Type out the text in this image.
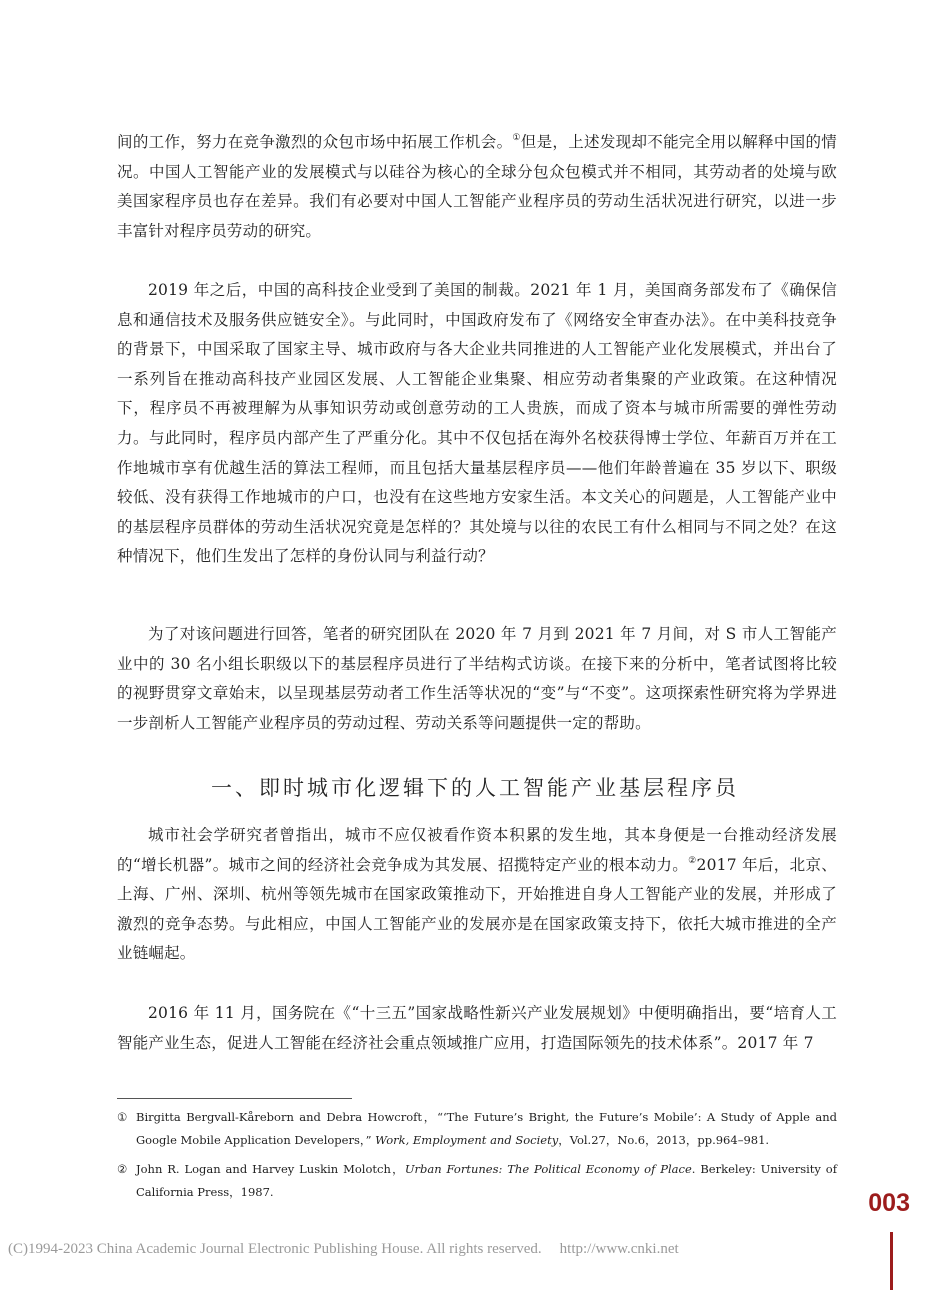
间的工作，努力在竞争激烈的众包市场中拓展工作机会。①但是，上述发现却不能完全用以解释中国的情况。中国人工智能产业的发展模式与以硅谷为核心的全球分包众包模式并不相同，其劳动者的处境与欧美国家程序员也存在差异。我们有必要对中国人工智能产业程序员的劳动生活状况进行研究，以进一步丰富针对程序员劳动的研究。

2019 年之后，中国的高科技企业受到了美国的制裁。2021 年 1 月，美国商务部发布了《确保信息和通信技术及服务供应链安全》。与此同时，中国政府发布了《网络安全审查办法》。在中美科技竞争的背景下，中国采取了国家主导、城市政府与各大企业共同推进的人工智能产业化发展模式，并出台了一系列旨在推动高科技产业园区发展、人工智能企业集聚、相应劳动者集聚的产业政策。在这种情况下，程序员不再被理解为从事知识劳动或创意劳动的工人贵族，而成了资本与城市所需要的弹性劳动力。与此同时，程序员内部产生了严重分化。其中不仅包括在海外名校获得博士学位、年薪百万并在工作地城市享有优越生活的算法工程师，而且包括大量基层程序员——他们年龄普遍在 35 岁以下、职级较低、没有获得工作地城市的户口，也没有在这些地方安家生活。本文关心的问题是，人工智能产业中的基层程序员群体的劳动生活状况究竟是怎样的？其处境与以往的农民工有什么相同与不同之处？在这种情况下，他们生发出了怎样的身份认同与利益行动？

为了对该问题进行回答，笔者的研究团队在 2020 年 7 月到 2021 年 7 月间，对 S 市人工智能产业中的 30 名小组长职级以下的基层程序员进行了半结构式访谈。在接下来的分析中，笔者试图将比较的视野贯穿文章始末，以呈现基层劳动者工作生活等状况的“变”与“不变”。这项探索性研究将为学界进一步剖析人工智能产业程序员的劳动过程、劳动关系等问题提供一定的帮助。

一、即时城市化逻辑下的人工智能产业基层程序员

城市社会学研究者曾指出，城市不应仅被看作资本积累的发生地，其本身便是一台推动经济发展的“增长机器”。城市之间的经济社会竞争成为其发展、招揽特定产业的根本动力。②2017 年后，北京、上海、广州、深圳、杭州等领先城市在国家政策推动下，开始推进自身人工智能产业的发展，并形成了激烈的竞争态势。与此相应，中国人工智能产业的发展亦是在国家政策支持下，依托大城市推进的全产业链崛起。

2016 年 11 月，国务院在《“十三五”国家战略性新兴产业发展规划》中便明确指出，要“培育人工智能产业生态，促进人工智能在经济社会重点领域推广应用，打造国际领先的技术体系”。2017 年 7

① Birgitta Bergvall-Kåreborn and Debra Howcroft，“‘The Future’s Bright, the Future’s Mobile’: A Study of Apple and Google Mobile Application Developers，” Work, Employment and Society，Vol.27，No.6，2013，pp.964–981.

② John R. Logan and Harvey Luskin Molotch，Urban Fortunes: The Political Economy of Place. Berkeley: University of California Press，1987.	003
(C)1994-2023 China Academic Journal Electronic Publishing House. All rights reserved. http://www.cnki.net
